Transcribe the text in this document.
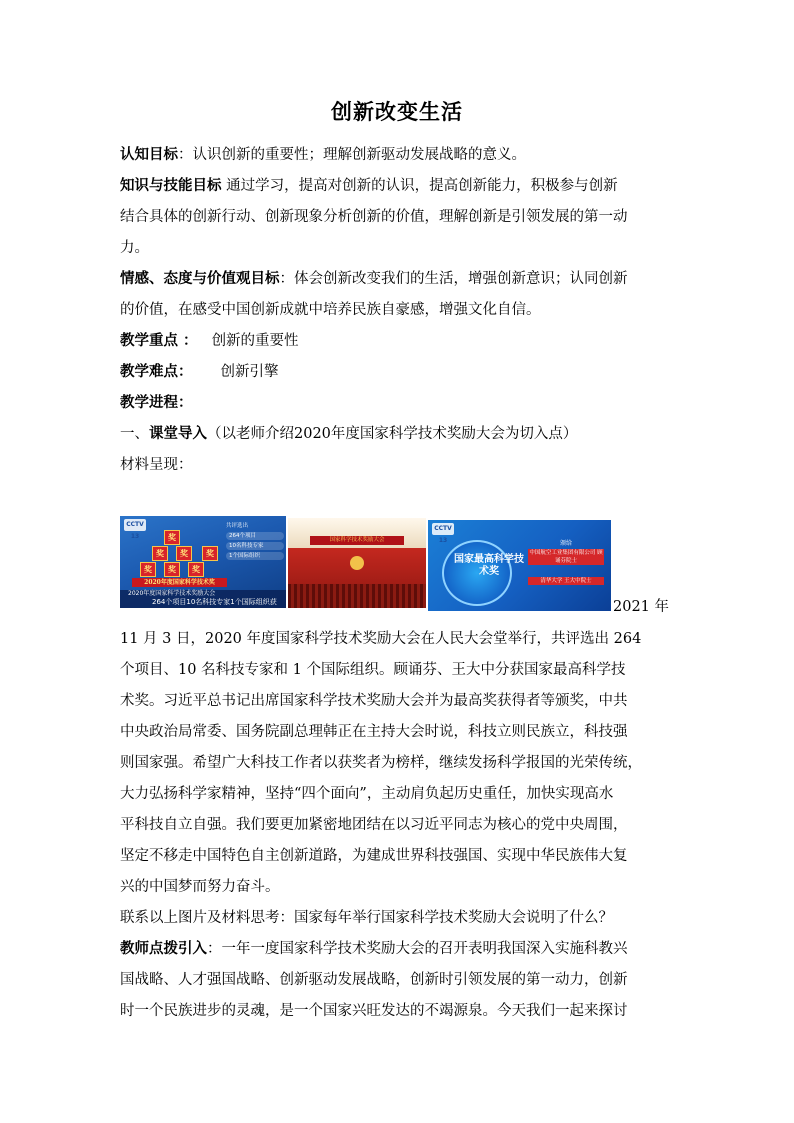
创新改变生活
认知目标：认识创新的重要性；理解创新驱动发展战略的意义。
知识与技能目标 通过学习，提高对创新的认识，提高创新能力，积极参与创新
结合具体的创新行动、创新现象分析创新的价值，理解创新是引领发展的第一动
力。
情感、态度与价值观目标：体会创新改变我们的生活，增强创新意识；认同创新
的价值，在感受中国创新成就中培养民族自豪感，增强文化自信。
教学重点 ： 创新的重要性
教学难点： 创新引擎
教学进程：
一、课堂导入（以老师介绍2020年度国家科学技术奖励大会为切入点）
材料呈现：
CCTV 13	奖
奖	奖
奖	奖	奖
奖
2020年度国家科学技术奖
共评选出
264个项目
10名科技专家
1个国际组织
2020年度国家科学技术奖励大会
264个项目10名科技专家1个国际组织获
国家科学技术奖励大会
CCTV 13
国家最高科学技术奖
颁给
中国航空工业集团有限公司 顾诵芬院士
清华大学 王大中院士
2021 年
11 月 3 日，2020 年度国家科学技术奖励大会在人民大会堂举行，共评选出 264
个项目、10 名科技专家和 1 个国际组织。顾诵芬、王大中分获国家最高科学技
术奖。习近平总书记出席国家科学技术奖励大会并为最高奖获得者等颁奖，中共
中央政治局常委、国务院副总理韩正在主持大会时说，科技立则民族立，科技强
则国家强。希望广大科技工作者以获奖者为榜样，继续发扬科学报国的光荣传统，
大力弘扬科学家精神，坚持“四个面向”，主动肩负起历史重任，加快实现高水
平科技自立自强。我们要更加紧密地团结在以习近平同志为核心的党中央周围，
坚定不移走中国特色自主创新道路，为建成世界科技强国、实现中华民族伟大复
兴的中国梦而努力奋斗。
联系以上图片及材料思考：国家每年举行国家科学技术奖励大会说明了什么？
教师点拨引入：一年一度国家科学技术奖励大会的召开表明我国深入实施科教兴
国战略、人才强国战略、创新驱动发展战略，创新时引领发展的第一动力，创新
时一个民族进步的灵魂，是一个国家兴旺发达的不竭源泉。今天我们一起来探讨
